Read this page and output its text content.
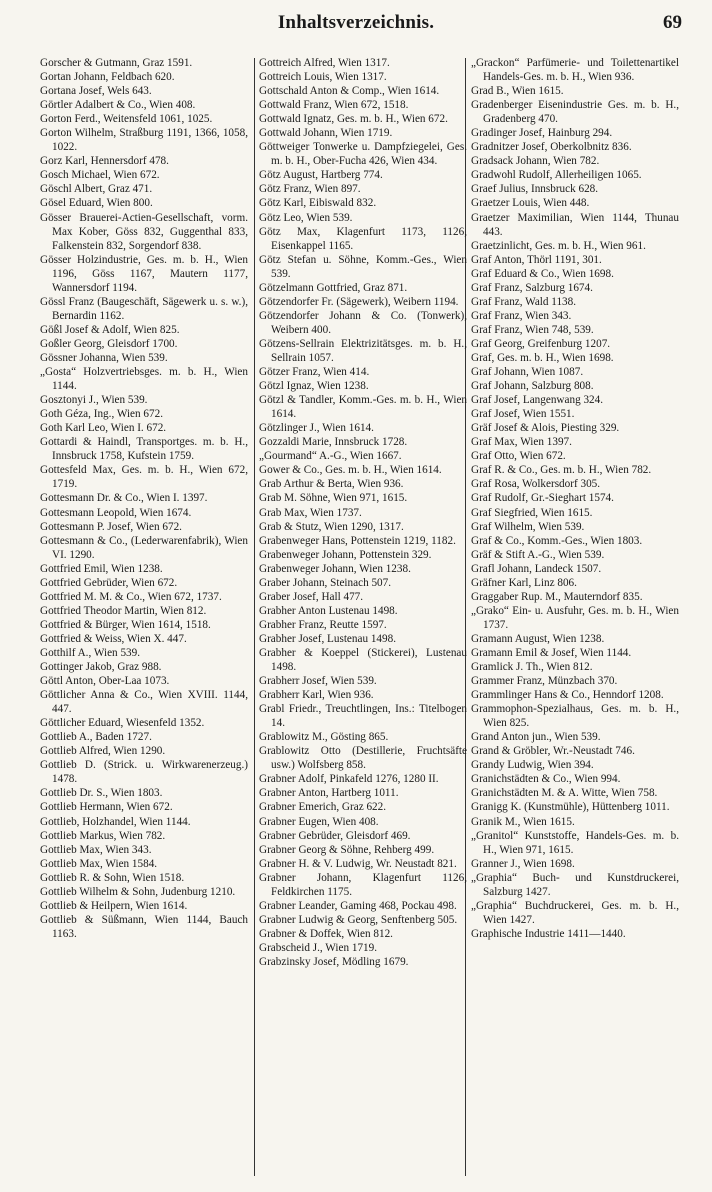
Inhaltsverzeichnis.	69

Gorscher & Gutmann, Graz 1591.

Gortan Johann, Feldbach 620.

Gortana Josef, Wels 643.

Görtler Adalbert & Co., Wien 408.

Gorton Ferd., Weitensfeld 1061, 1025.

Gorton Wilhelm, Straßburg 1191, 1366, 1058, 1022.

Gorz Karl, Hennersdorf 478.

Gosch Michael, Wien 672.

Göschl Albert, Graz 471.

Gösel Eduard, Wien 800.

Gösser Brauerei-Actien-Gesellschaft, vorm. Max Kober, Göss 832, Guggenthal 833, Falkenstein 832, Sorgendorf 838.

Gösser Holzindustrie, Ges. m. b. H., Wien 1196, Göss 1167, Mautern 1177, Wannersdorf 1194.

Gössl Franz (Baugeschäft, Sägewerk u. s. w.), Bernardin 1162.

Gößl Josef & Adolf, Wien 825.

Goßler Georg, Gleisdorf 1700.

Gössner Johanna, Wien 539.

„Gosta“ Holzvertriebsges. m. b. H., Wien 1144.

Gosztonyi J., Wien 539.

Goth Géza, Ing., Wien 672.

Goth Karl Leo, Wien I. 672.

Gottardi & Haindl, Transportges. m. b. H., Innsbruck 1758, Kufstein 1759.

Gottesfeld Max, Ges. m. b. H., Wien 672, 1719.

Gottesmann Dr. & Co., Wien I. 1397.

Gottesmann Leopold, Wien 1674.

Gottesmann P. Josef, Wien 672.

Gottesmann & Co., (Lederwarenfabrik), Wien VI. 1290.

Gottfried Emil, Wien 1238.

Gottfried Gebrüder, Wien 672.

Gottfried M. M. & Co., Wien 672, 1737.

Gottfried Theodor Martin, Wien 812.

Gottfried & Bürger, Wien 1614, 1518.

Gottfried & Weiss, Wien X. 447.

Gotthilf A., Wien 539.

Gottinger Jakob, Graz 988.

Göttl Anton, Ober-Laa 1073.

Göttlicher Anna & Co., Wien XVIII. 1144, 447.

Göttlicher Eduard, Wiesenfeld 1352.

Gottlieb A., Baden 1727.

Gottlieb Alfred, Wien 1290.

Gottlieb D. (Strick. u. Wirkwarenerzeug.) 1478.

Gottlieb Dr. S., Wien 1803.

Gottlieb Hermann, Wien 672.

Gottlieb, Holzhandel, Wien 1144.

Gottlieb Markus, Wien 782.

Gottlieb Max, Wien 343.

Gottlieb Max, Wien 1584.

Gottlieb R. & Sohn, Wien 1518.

Gottlieb Wilhelm & Sohn, Judenburg 1210.

Gottlieb & Heilpern, Wien 1614.

Gottlieb & Süßmann, Wien 1144, Bauch 1163.

Gottreich Alfred, Wien 1317.

Gottreich Louis, Wien 1317.

Gottschald Anton & Comp., Wien 1614.

Gottwald Franz, Wien 672, 1518.

Gottwald Ignatz, Ges. m. b. H., Wien 672.

Gottwald Johann, Wien 1719.

Göttweiger Tonwerke u. Dampfziegelei, Ges. m. b. H., Ober-Fucha 426, Wien 434.

Götz August, Hartberg 774.

Götz Franz, Wien 897.

Götz Karl, Eibiswald 832.

Götz Leo, Wien 539.

Götz Max, Klagenfurt 1173, 1126, Eisenkappel 1165.

Götz Stefan u. Söhne, Komm.-Ges., Wien 539.

Götzelmann Gottfried, Graz 871.

Götzendorfer Fr. (Sägewerk), Weibern 1194.

Götzendorfer Johann & Co. (Tonwerk), Weibern 400.

Götzens-Sellrain Elektrizitätsges. m. b. H., Sellrain 1057.

Götzer Franz, Wien 414.

Götzl Ignaz, Wien 1238.

Götzl & Tandler, Komm.-Ges. m. b. H., Wien 1614.

Götzlinger J., Wien 1614.

Gozzaldi Marie, Innsbruck 1728.

„Gourmand“ A.-G., Wien 1667.

Gower & Co., Ges. m. b. H., Wien 1614.

Grab Arthur & Berta, Wien 936.

Grab M. Söhne, Wien 971, 1615.

Grab Max, Wien 1737.

Grab & Stutz, Wien 1290, 1317.

Grabenweger Hans, Pottenstein 1219, 1182.

Grabenweger Johann, Pottenstein 329.

Grabenweger Johann, Wien 1238.

Graber Johann, Steinach 507.

Graber Josef, Hall 477.

Grabher Anton Lustenau 1498.

Grabher Franz, Reutte 1597.

Grabher Josef, Lustenau 1498.

Grabher & Koeppel (Stickerei), Lustenau 1498.

Grabherr Josef, Wien 539.

Grabherr Karl, Wien 936.

Grabl Friedr., Treuchtlingen, Ins.: Titelbogen 14.

Grablowitz M., Gösting 865.

Grablowitz Otto (Destillerie, Fruchtsäfte usw.) Wolfsberg 858.

Grabner Adolf, Pinkafeld 1276, 1280 II.

Grabner Anton, Hartberg 1011.

Grabner Emerich, Graz 622.

Grabner Eugen, Wien 408.

Grabner Gebrüder, Gleisdorf 469.

Grabner Georg & Söhne, Rehberg 499.

Grabner H. & V. Ludwig, Wr. Neustadt 821.

Grabner Johann, Klagenfurt 1126, Feldkirchen 1175.

Grabner Leander, Gaming 468, Pockau 498.

Grabner Ludwig & Georg, Senftenberg 505.

Grabner & Doffek, Wien 812.

Grabscheid J., Wien 1719.

Grabzinsky Josef, Mödling 1679.

„Grackon“ Parfümerie- und Toilettenartikel Handels-Ges. m. b. H., Wien 936.

Grad B., Wien 1615.

Gradenberger Eisenindustrie Ges. m. b. H., Gradenberg 470.

Gradinger Josef, Hainburg 294.

Gradnitzer Josef, Oberkolbnitz 836.

Gradsack Johann, Wien 782.

Gradwohl Rudolf, Allerheiligen 1065.

Graef Julius, Innsbruck 628.

Graetzer Louis, Wien 448.

Graetzer Maximilian, Wien 1144, Thunau 443.

Graetzinlicht, Ges. m. b. H., Wien 961.

Graf Anton, Thörl 1191, 301.

Graf Eduard & Co., Wien 1698.

Graf Franz, Salzburg 1674.

Graf Franz, Wald 1138.

Graf Franz, Wien 343.

Graf Franz, Wien 748, 539.

Graf Georg, Greifenburg 1207.

Graf, Ges. m. b. H., Wien 1698.

Graf Johann, Wien 1087.

Graf Johann, Salzburg 808.

Graf Josef, Langenwang 324.

Graf Josef, Wien 1551.

Gräf Josef & Alois, Piesting 329.

Graf Max, Wien 1397.

Graf Otto, Wien 672.

Graf R. & Co., Ges. m. b. H., Wien 782.

Graf Rosa, Wolkersdorf 305.

Graf Rudolf, Gr.-Sieghart 1574.

Graf Siegfried, Wien 1615.

Graf Wilhelm, Wien 539.

Graf & Co., Komm.-Ges., Wien 1803.

Gräf & Stift A.-G., Wien 539.

Grafl Johann, Landeck 1507.

Gräfner Karl, Linz 806.

Graggaber Rup. M., Mauterndorf 835.

„Grako“ Ein- u. Ausfuhr, Ges. m. b. H., Wien 1737.

Gramann August, Wien 1238.

Gramann Emil & Josef, Wien 1144.

Gramlick J. Th., Wien 812.

Grammer Franz, Münzbach 370.

Grammlinger Hans & Co., Henndorf 1208.

Grammophon-Spezialhaus, Ges. m. b. H., Wien 825.

Grand Anton jun., Wien 539.

Grand & Gröbler, Wr.-Neustadt 746.

Grandy Ludwig, Wien 394.

Granichstädten & Co., Wien 994.

Granichstädten M. & A. Witte, Wien 758.

Granigg K. (Kunstmühle), Hüttenberg 1011.

Granik M., Wien 1615.

„Granitol“ Kunststoffe, Handels-Ges. m. b. H., Wien 971, 1615.

Granner J., Wien 1698.

„Graphia“ Buch- und Kunstdruckerei, Salzburg 1427.

„Graphia“ Buchdruckerei, Ges. m. b. H., Wien 1427.

Graphische Industrie 1411—1440.
